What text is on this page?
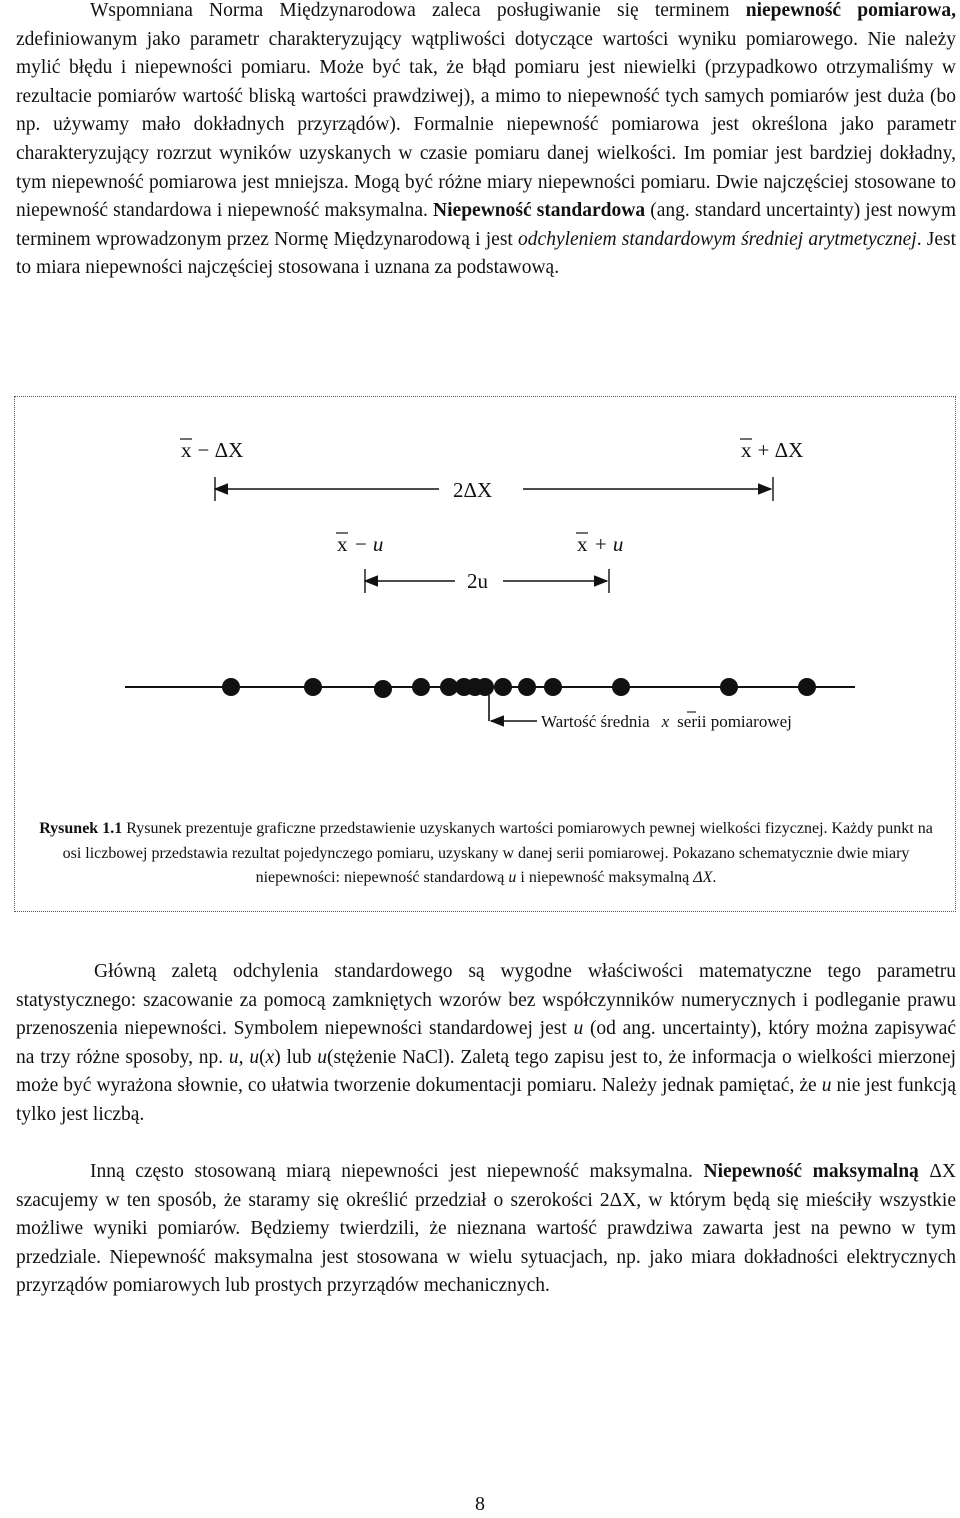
Wspomniana Norma Międzynarodowa zaleca posługiwanie się terminem niepewność pomiarowa, zdefiniowanym jako parametr charakteryzujący wątpliwości dotyczące wartości wyniku pomiarowego. Nie należy mylić błędu i niepewności pomiaru. Może być tak, że błąd pomiaru jest niewielki (przypadkowo otrzymaliśmy w rezultacie pomiarów wartość bliską wartości prawdziwej), a mimo to niepewność tych samych pomiarów jest duża (bo np. używamy mało dokładnych przyrządów). Formalnie niepewność pomiarowa jest określona jako parametr charakteryzujący rozrzut wyników uzyskanych w czasie pomiaru danej wielkości. Im pomiar jest bardziej dokładny, tym niepewność pomiarowa jest mniejsza. Mogą być różne miary niepewności pomiaru. Dwie najczęściej stosowane to niepewność standardowa i niepewność maksymalna. Niepewność standardowa (ang. standard uncertainty) jest nowym terminem wprowadzonym przez Normę Międzynarodową i jest odchyleniem standardowym średniej arytmetycznej. Jest to miara niepewności najczęściej stosowana i uznana za podstawową.

x − ΔX	x + ΔX
2ΔX
x − u	x + u
2u
Wartość średnia x serii pomiarowej
Rysunek 1.1 Rysunek prezentuje graficzne przedstawienie uzyskanych wartości pomiarowych pewnej wielkości fizycznej. Każdy punkt na osi liczbowej przedstawia rezultat pojedynczego pomiaru, uzyskany w danej serii pomiarowej. Pokazano schematycznie dwie miary niepewności: niepewność standardową u i niepewność maksymalną ΔX.

Główną zaletą odchylenia standardowego są wygodne właściwości matematyczne tego parametru statystycznego: szacowanie za pomocą zamkniętych wzorów bez współczynników numerycznych i podleganie prawu przenoszenia niepewności. Symbolem niepewności standardowej jest u (od ang. uncertainty), który można zapisywać na trzy różne sposoby, np. u, u(x) lub u(stężenie NaCl). Zaletą tego zapisu jest to, że informacja o wielkości mierzonej może być wyrażona słownie, co ułatwia tworzenie dokumentacji pomiaru. Należy jednak pamiętać, że u nie jest funkcją tylko jest liczbą.

Inną często stosowaną miarą niepewności jest niepewność maksymalna. Niepewność maksymalną ΔX szacujemy w ten sposób, że staramy się określić przedział o szerokości 2ΔX, w którym będą się mieściły wszystkie możliwe wyniki pomiarów. Będziemy twierdzili, że nieznana wartość prawdziwa zawarta jest na pewno w tym przedziale. Niepewność maksymalna jest stosowana w wielu sytuacjach, np. jako miara dokładności elektrycznych przyrządów pomiarowych lub prostych przyrządów mechanicznych.

8
